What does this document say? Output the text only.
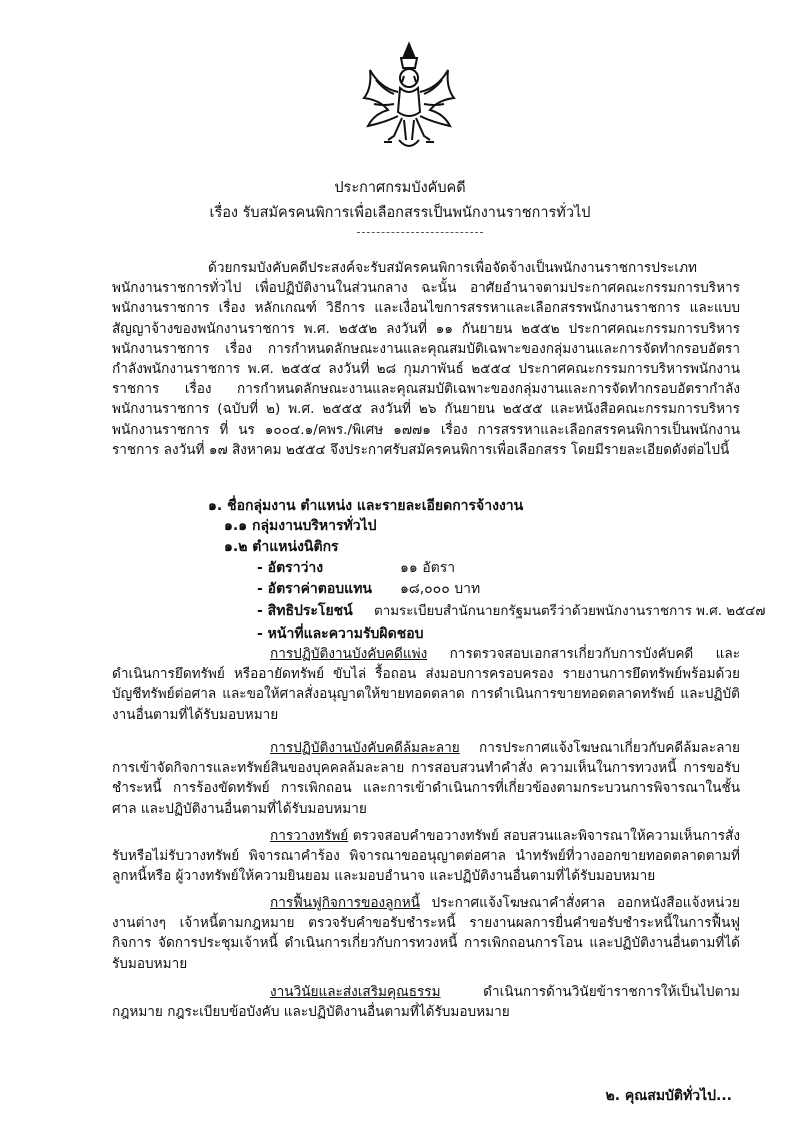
ประกาศกรมบังคับคดี
เรื่อง รับสมัครคนพิการเพื่อเลือกสรรเป็นพนักงานราชการทั่วไป
ด้วยกรมบังคับคดีประสงค์จะรับสมัครคนพิการเพื่อจัดจ้างเป็นพนักงานราชการประเภทพนักงานราชการทั่วไป เพื่อปฏิบัติงานในส่วนกลาง ฉะนั้น อาศัยอำนาจตามประกาศคณะกรรมการบริหารพนักงานราชการ เรื่อง หลักเกณฑ์ วิธีการ และเงื่อนไขการสรรหาและเลือกสรรพนักงานราชการ และแบบสัญญาจ้างของพนักงานราชการ พ.ศ. ๒๕๕๒ ลงวันที่ ๑๑ กันยายน ๒๕๕๒ ประกาศคณะกรรมการบริหารพนักงานราชการ เรื่อง การกำหนดลักษณะงานและคุณสมบัติเฉพาะของกลุ่มงานและการจัดทำกรอบอัตรากำลังพนักงานราชการ พ.ศ. ๒๕๕๔ ลงวันที่ ๒๘ กุมภาพันธ์ ๒๕๕๔ ประกาศคณะกรรมการบริหารพนักงานราชการ เรื่อง การกำหนดลักษณะงานและคุณสมบัติเฉพาะของกลุ่มงานและการจัดทำกรอบอัตรากำลังพนักงานราชการ (ฉบับที่ ๒) พ.ศ. ๒๕๕๕ ลงวันที่ ๒๖ กันยายน ๒๕๕๕ และหนังสือคณะกรรมการบริหารพนักงานราชการ ที่ นร ๑๐๐๔.๑/คพร./พิเศษ ๑๗๗๑ เรื่อง การสรรหาและเลือกสรรคนพิการเป็นพนักงานราชการ ลงวันที่ ๑๗ สิงหาคม ๒๕๕๔ จึงประกาศรับสมัครคนพิการเพื่อเลือกสรร โดยมีรายละเอียดดังต่อไปนี้
๑. ชื่อกลุ่มงาน ตำแหน่ง และรายละเอียดการจ้างงาน
๑.๑ กลุ่มงานบริหารทั่วไป
๑.๒ ตำแหน่งนิติกร
- อัตราว่าง	๑๑ อัตรา
- อัตราค่าตอบแทน ๑๘,๐๐๐ บาท
- สิทธิประโยชน์ ตามระเบียบสำนักนายกรัฐมนตรีว่าด้วยพนักงานราชการ พ.ศ. ๒๕๔๗
- หน้าที่และความรับผิดชอบ
การปฏิบัติงานบังคับคดีแพ่ง การตรวจสอบเอกสารเกี่ยวกับการบังคับคดี และดำเนินการยึดทรัพย์ หรืออายัดทรัพย์ ขับไล่ รื้อถอน ส่งมอบการครอบครอง รายงานการยึดทรัพย์พร้อมด้วยบัญชีทรัพย์ต่อศาล และขอให้ศาลสั่งอนุญาตให้ขายทอดตลาด การดำเนินการขายทอดตลาดทรัพย์ และปฏิบัติงานอื่นตามที่ได้รับมอบหมาย
การปฏิบัติงานบังคับคดีล้มละลาย การประกาศแจ้งโฆษณาเกี่ยวกับคดีล้มละลาย การเข้าจัดกิจการและทรัพย์สินของบุคคลล้มละลาย การสอบสวนทำคำสั่ง ความเห็นในการทวงหนี้ การขอรับชำระหนี้ การร้องขัดทรัพย์ การเพิกถอน และการเข้าดำเนินการที่เกี่ยวข้องตามกระบวนการพิจารณาในชั้นศาล และปฏิบัติงานอื่นตามที่ได้รับมอบหมาย
การวางทรัพย์ ตรวจสอบคำขอวางทรัพย์ สอบสวนและพิจารณาให้ความเห็นการสั่งรับหรือไม่รับวางทรัพย์ พิจารณาคำร้อง พิจารณาขออนุญาตต่อศาล นำทรัพย์ที่วางออกขายทอดตลาดตามที่ลูกหนี้หรือ ผู้วางทรัพย์ให้ความยินยอม และมอบอำนาจ และปฏิบัติงานอื่นตามที่ได้รับมอบหมาย
การฟื้นฟูกิจการของลูกหนี้ ประกาศแจ้งโฆษณาคำสั่งศาล ออกหนังสือแจ้งหน่วยงานต่างๆ เจ้าหนี้ตามกฎหมาย ตรวจรับคำขอรับชำระหนี้ รายงานผลการยื่นคำขอรับชำระหนี้ในการฟื้นฟูกิจการ จัดการประชุมเจ้าหนี้ ดำเนินการเกี่ยวกับการทวงหนี้ การเพิกถอนการโอน และปฏิบัติงานอื่นตามที่ได้รับมอบหมาย
งานวินัยและส่งเสริมคุณธรรม ดำเนินการด้านวินัยข้าราชการให้เป็นไปตามกฎหมาย กฎระเบียบข้อบังคับ และปฏิบัติงานอื่นตามที่ได้รับมอบหมาย
๒. คุณสมบัติทั่วไป...
